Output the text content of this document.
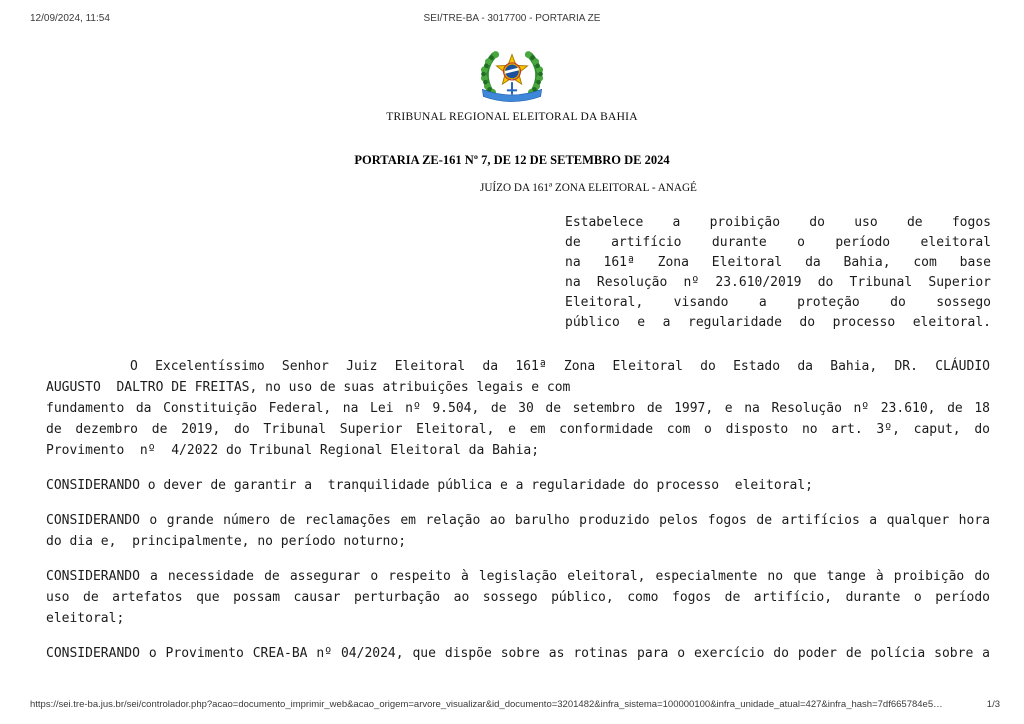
12/09/2024, 11:54	SEI/TRE-BA - 3017700 - PORTARIA ZE
TRIBUNAL REGIONAL ELEITORAL DA BAHIA
PORTARIA ZE-161 Nº 7, DE 12 DE SETEMBRO DE 2024
JUÍZO DA 161ª ZONA ELEITORAL - ANAGÉ
Estabelece a proibição do uso de fogos
de artifício durante o período eleitoral
na 161ª Zona Eleitoral da Bahia, com base
na Resolução nº 23.610/2019 do Tribunal Superior
Eleitoral, visando a proteção do sossego
público e a regularidade do processo eleitoral.
O Excelentíssimo Senhor Juiz Eleitoral da 161ª Zona Eleitoral do Estado da Bahia, DR. CLÁUDIO
AUGUSTO  DALTRO DE FREITAS, no uso de suas atribuições legais e com
fundamento da Constituição Federal, na Lei nº 9.504, de 30 de setembro de 1997, e na Resolução nº 23.610, de 18
de dezembro de 2019, do Tribunal Superior Eleitoral, e em conformidade com o disposto no art. 3º, caput, do
Provimento  nº  4/2022 do Tribunal Regional Eleitoral da Bahia;
CONSIDERANDO o dever de garantir a  tranquilidade pública e a regularidade do processo  eleitoral;
CONSIDERANDO o grande número de reclamações em relação ao barulho produzido pelos fogos de artifícios a qualquer hora
do dia e,  principalmente, no período noturno;
CONSIDERANDO a necessidade de assegurar o respeito à legislação eleitoral, especialmente no que tange à proibição do
uso de artefatos que possam causar perturbação ao sossego público, como fogos de artifício, durante o período
eleitoral;
CONSIDERANDO o Provimento CREA-BA nº 04/2024, que dispõe sobre as rotinas para o exercício do poder de polícia sobre a
https://sei.tre-ba.jus.br/sei/controlador.php?acao=documento_imprimir_web&acao_origem=arvore_visualizar&id_documento=3201482&infra_sistema=100000100&infra_unidade_atual=427&infra_hash=7df665784e5…	1/3
